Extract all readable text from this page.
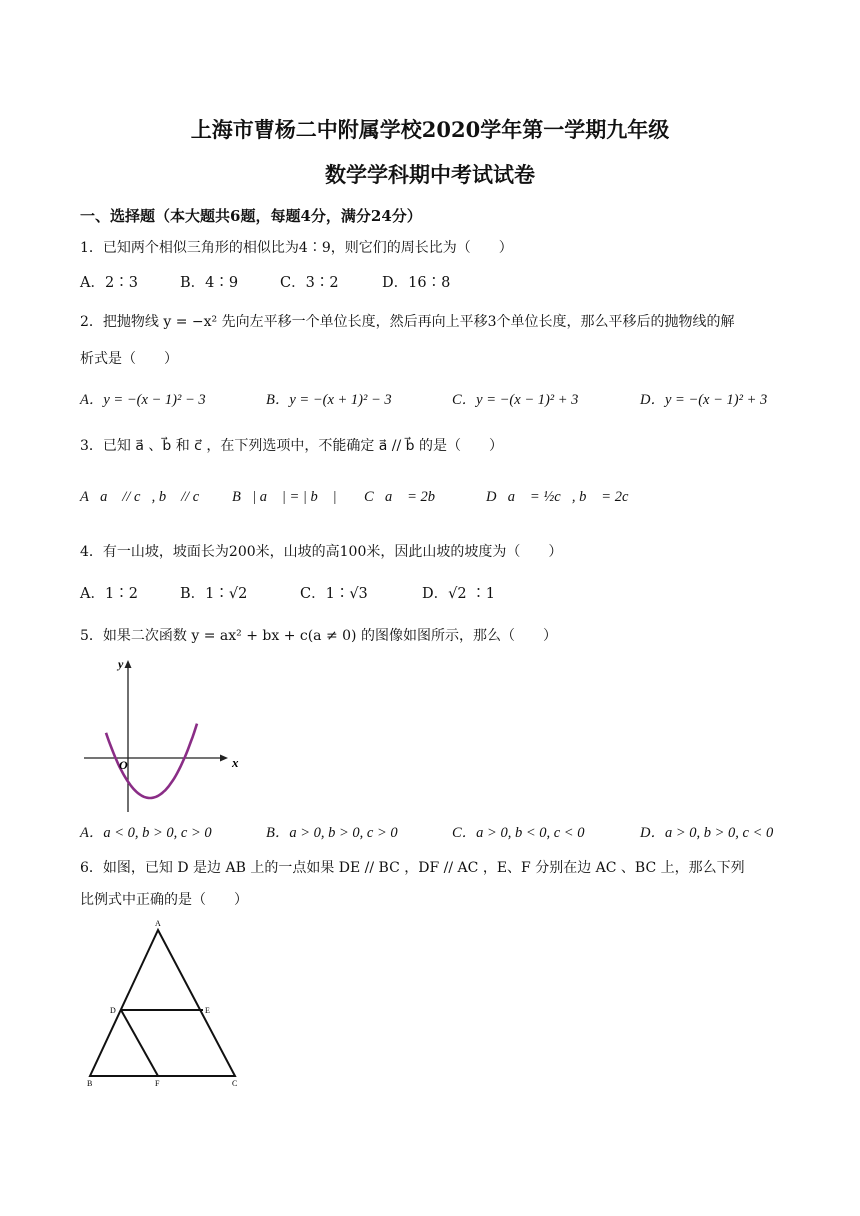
上海市曹杨二中附属学校2020学年第一学期九年级
数学学科期中考试试卷
一、选择题（本大题共6题，每题4分，满分24分）
1．已知两个相似三角形的相似比为4∶9，则它们的周长比为（　　）
A．2∶3	B．4∶9	C．3∶2	D．16∶8
2．把抛物线 y = −x² 先向左平移一个单位长度，然后再向上平移3个单位长度，那么平移后的抛物线的解
析式是（　　）
A．y = −(x − 1)² − 3	B．y = −(x + 1)² − 3	C．y = −(x − 1)² + 3	D．y = −(x − 1)² + 3
3．已知 a⃗ 、b⃗ 和 c⃗ ，在下列选项中，不能确定 a⃗ // b⃗ 的是（　　）
A．a⃗ // c⃗, b⃗ // c⃗ B．| a⃗ | = | b⃗ | C．a⃗ = 2b⃗	D．a⃗ = ½c⃗, b⃗ = 2c⃗
4．有一山坡，坡面长为200米，山坡的高100米，因此山坡的坡度为（　　）
A．1∶2	B．1∶√2	C．1∶√3	D．√2 ∶1
5．如果二次函数 y = ax² + bx + c(a ≠ 0) 的图像如图所示，那么（　　）
y
x
O
A．a < 0, b > 0, c > 0	B．a > 0, b > 0, c > 0	C．a > 0, b < 0, c < 0	D．a > 0, b > 0, c < 0
6．如图，已知 D 是边 AB 上的一点如果 DE // BC ，DF // AC ，E、F 分别在边 AC 、BC 上，那么下列
比例式中正确的是（　　）
A
B	C
D	E
F
